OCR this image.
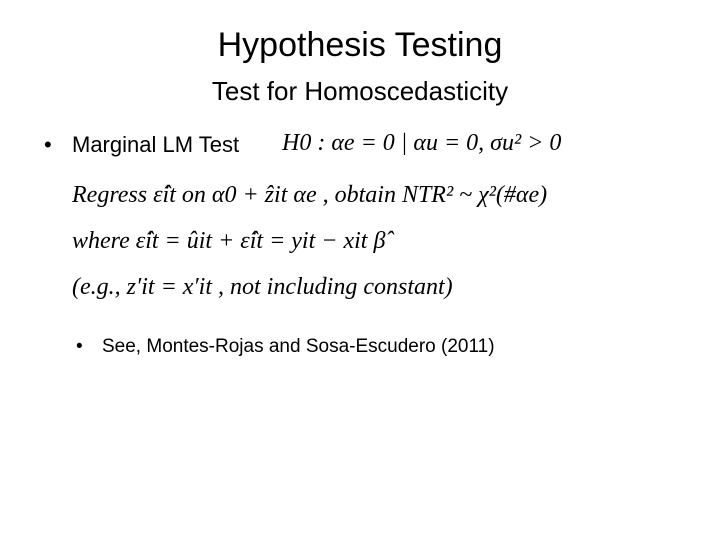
Hypothesis Testing
Test for Homoscedasticity
• Marginal LM Test H0 : αe = 0 | αu = 0, σu² > 0
Regress ε̂it on α0 + ẑit αe , obtain NTR² ~ χ²(#αe)
where ε̂it = ûit + ε̂it = yit − xit β̂
(e.g., z′it = x′it , not including constant)
• See, Montes-Rojas and Sosa-Escudero (2011)
